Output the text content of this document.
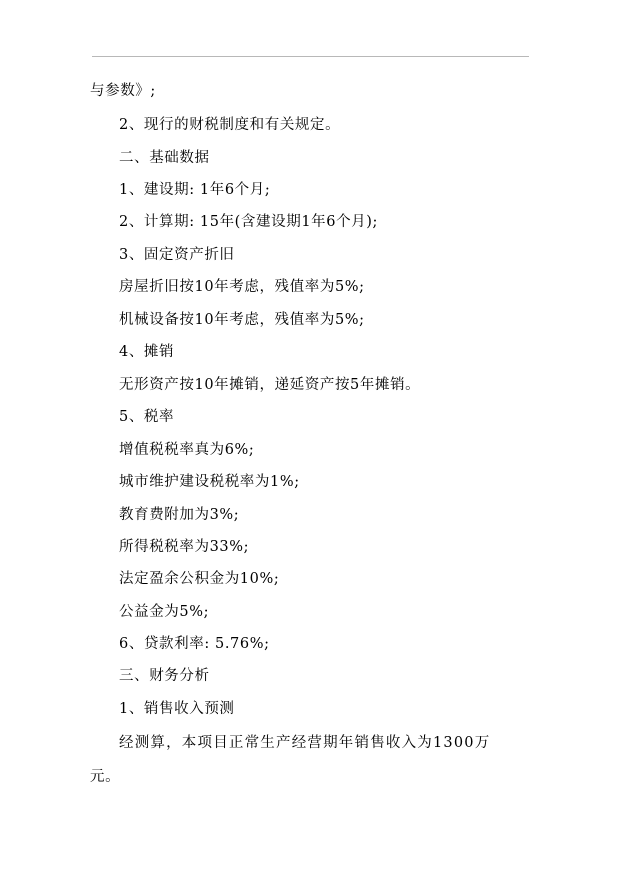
与参数》;
2、现行的财税制度和有关规定。
二、基础数据
1、建设期: 1年6个月;
2、计算期: 15年(含建设期1年6个月);
3、固定资产折旧
房屋折旧按10年考虑，残值率为5%;
机械设备按10年考虑，残值率为5%;
4、摊销
无形资产按10年摊销，递延资产按5年摊销。
5、税率
增值税税率真为6%;
城市维护建设税税率为1%;
教育费附加为3%;
所得税税率为33%;
法定盈余公积金为10%;
公益金为5%;
6、贷款利率: 5.76%;
三、财务分析
1、销售收入预测
经测算，本项目正常生产经营期年销售收入为1300万
元。
